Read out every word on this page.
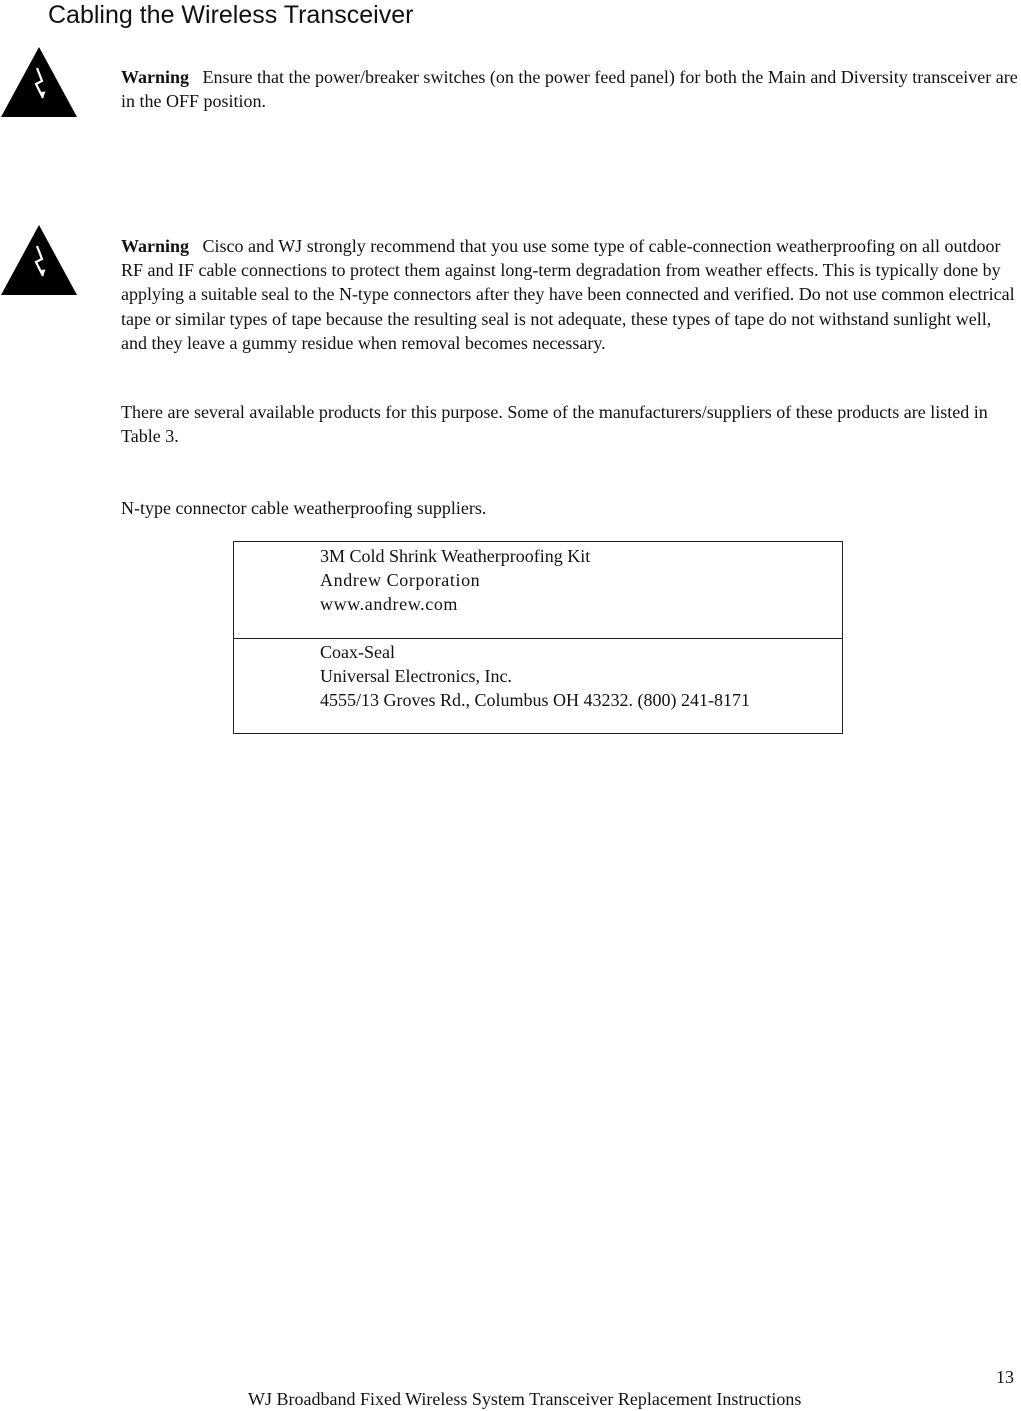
Cabling the Wireless Transceiver
Warning Ensure that the power/breaker switches (on the power feed panel) for both the Main and Diversity transceiver are in the OFF position.
Warning Cisco and WJ strongly recommend that you use some type of cable-connection weatherproofing on all outdoor RF and IF cable connections to protect them against long-term degradation from weather effects. This is typically done by applying a suitable seal to the N-type connectors after they have been connected and verified. Do not use common electrical tape or similar types of tape because the resulting seal is not adequate, these types of tape do not withstand sunlight well, and they leave a gummy residue when removal becomes necessary.
There are several available products for this purpose. Some of the manufacturers/suppliers of these products are listed in Table 3.
N-type connector cable weatherproofing suppliers.
3M Cold Shrink Weatherproofing Kit
Andrew Corporation
www.andrew.com
Coax-Seal
Universal Electronics, Inc.
4555/13 Groves Rd., Columbus OH 43232. (800) 241-8171
13
WJ Broadband Fixed Wireless System Transceiver Replacement Instructions
